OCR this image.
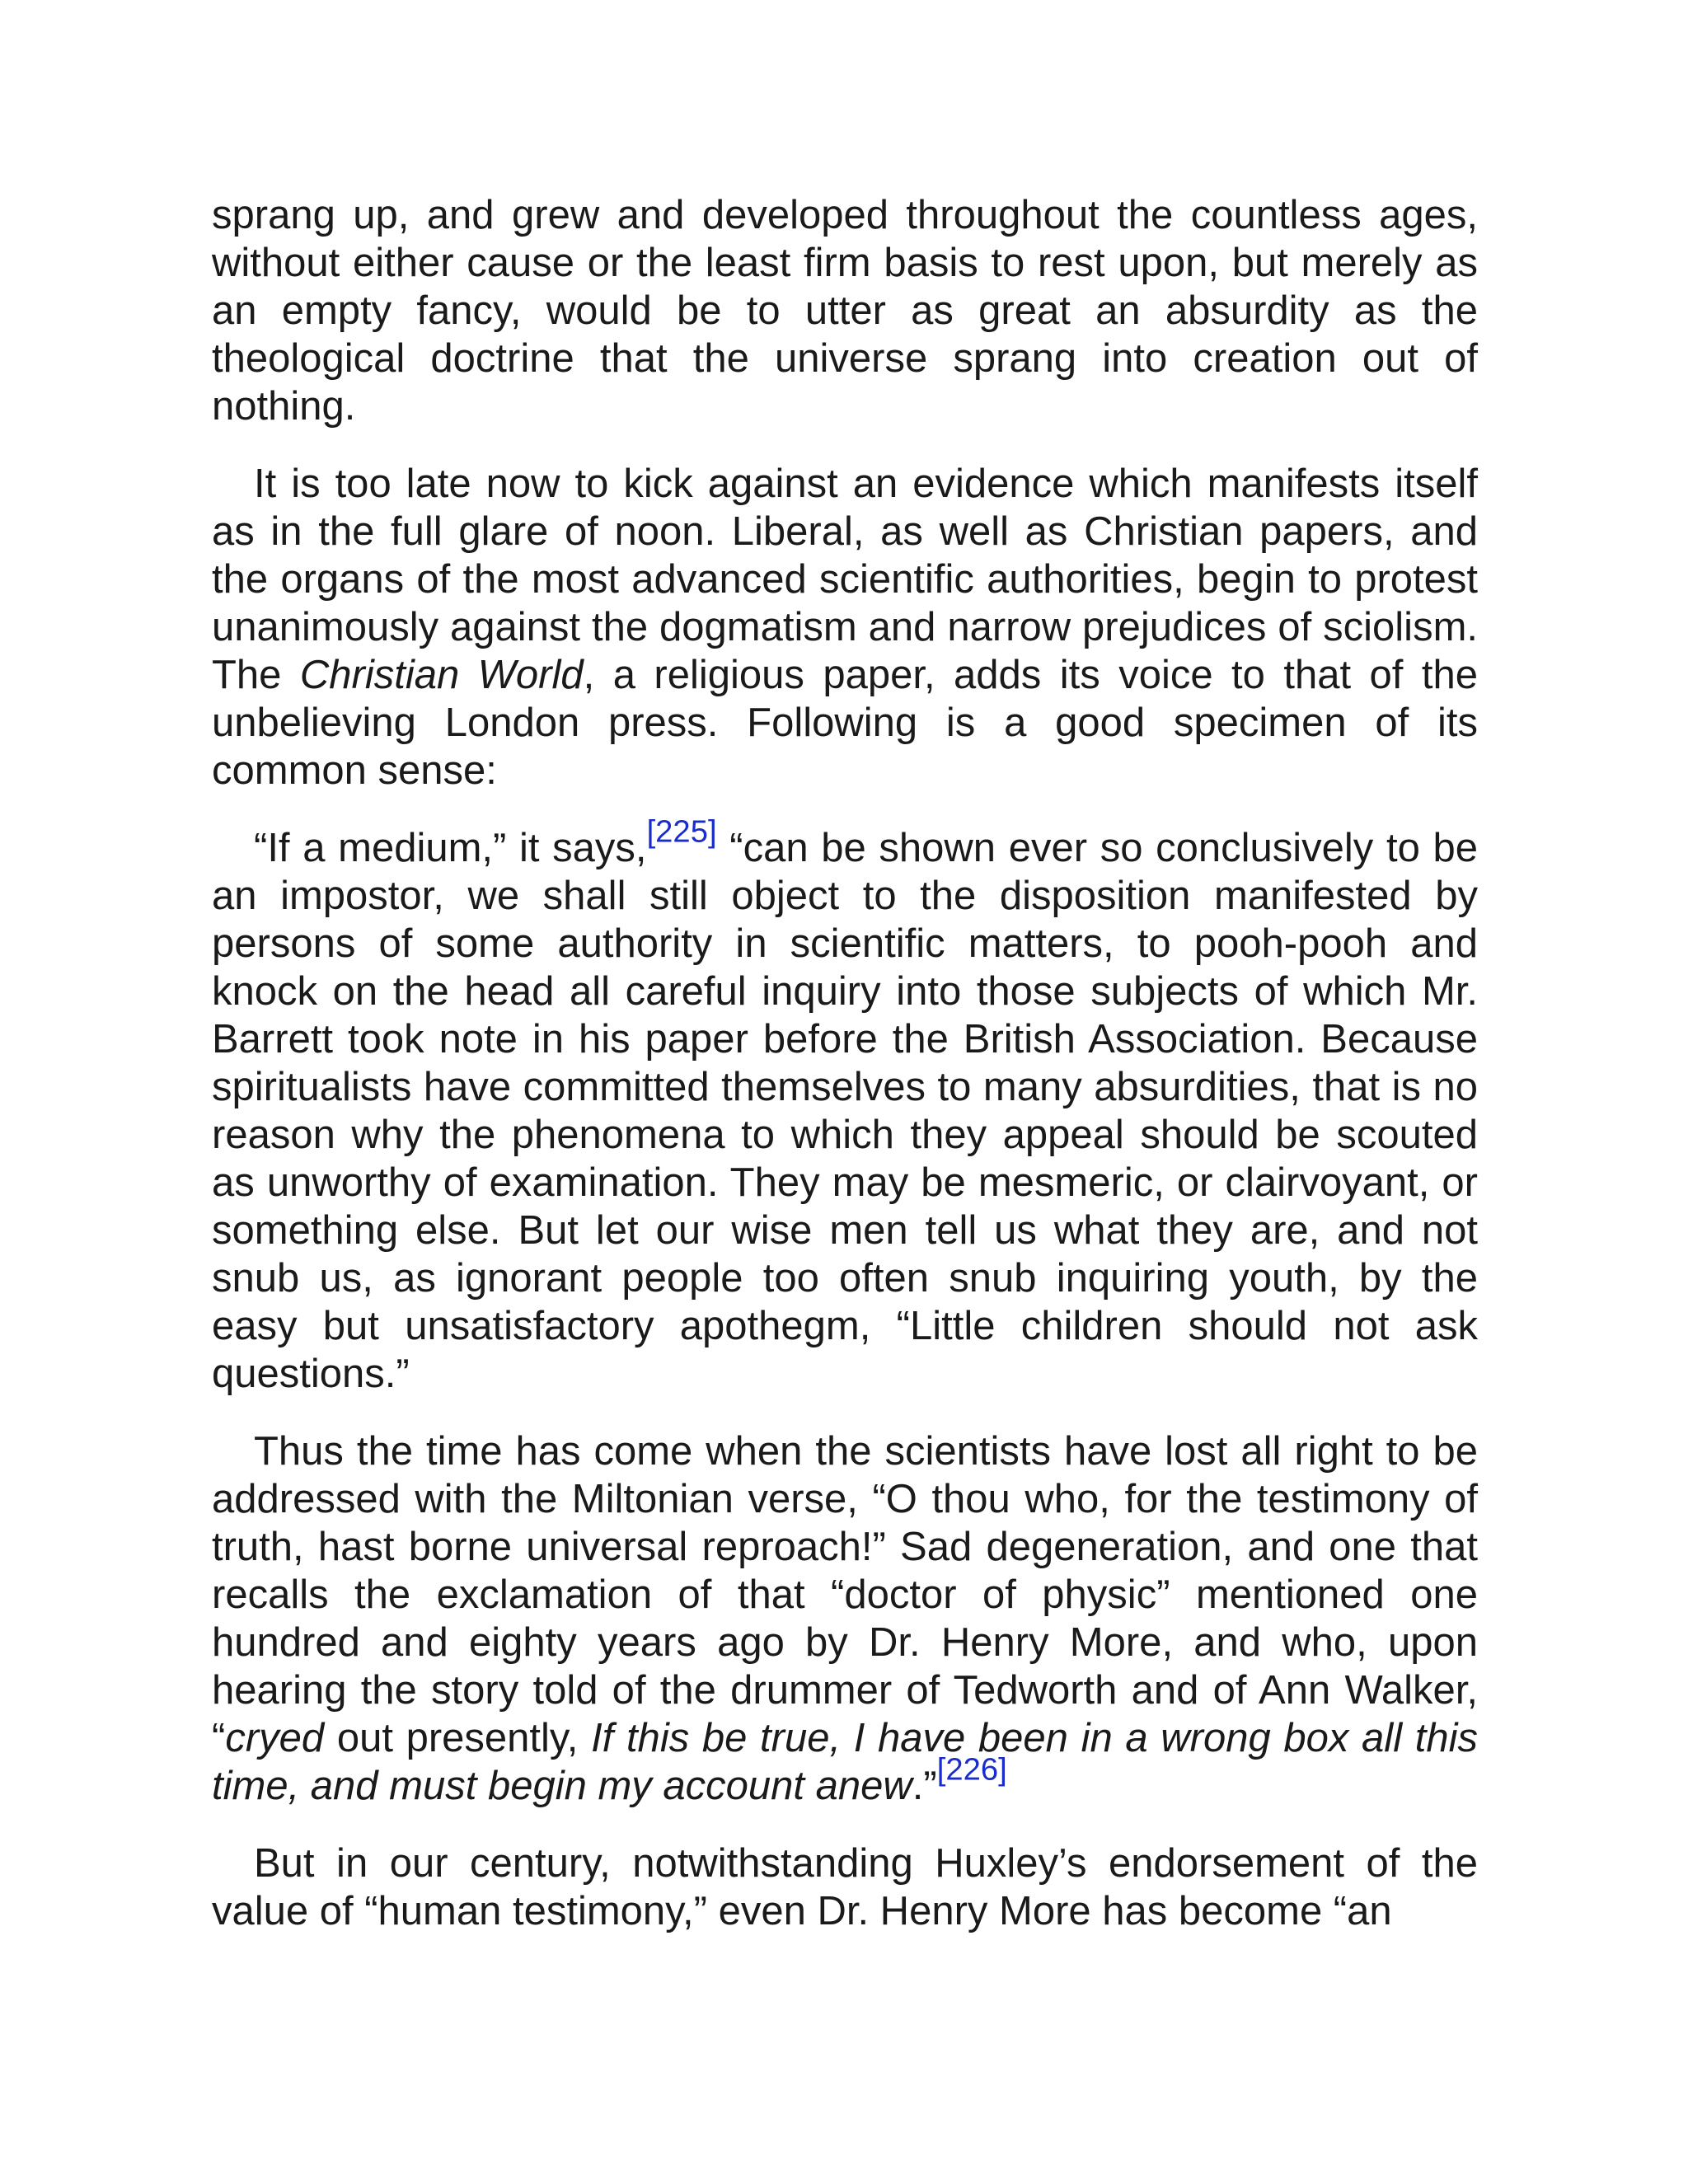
sprang up, and grew and developed throughout the countless ages, without either cause or the least firm basis to rest upon, but merely as an empty fancy, would be to utter as great an absurdity as the theological doctrine that the universe sprang into creation out of nothing.

It is too late now to kick against an evidence which manifests itself as in the full glare of noon. Liberal, as well as Christian papers, and the organs of the most advanced scientific authorities, begin to protest unanimously against the dogmatism and narrow prejudices of sciolism. The Christian World, a religious paper, adds its voice to that of the unbelieving London press. Following is a good specimen of its common sense:

“If a medium,” it says,[225] “can be shown ever so conclusively to be an impostor, we shall still object to the disposition manifested by persons of some authority in scientific matters, to pooh-pooh and knock on the head all careful inquiry into those subjects of which Mr. Barrett took note in his paper before the British Association. Because spiritualists have committed themselves to many absurdities, that is no reason why the phenomena to which they appeal should be scouted as unworthy of examination. They may be mesmeric, or clairvoyant, or something else. But let our wise men tell us what they are, and not snub us, as ignorant people too often snub inquiring youth, by the easy but unsatisfactory apothegm, “Little children should not ask questions.”

Thus the time has come when the scientists have lost all right to be addressed with the Miltonian verse, “O thou who, for the testimony of truth, hast borne universal reproach!” Sad degeneration, and one that recalls the exclamation of that “doctor of physic” mentioned one hundred and eighty years ago by Dr. Henry More, and who, upon hearing the story told of the drummer of Tedworth and of Ann Walker, “cryed out presently, If this be true, I have been in a wrong box all this time, and must begin my account anew.”[226]

But in our century, notwithstanding Huxley’s endorsement of the value of “human testimony,” even Dr. Henry More has become “an
